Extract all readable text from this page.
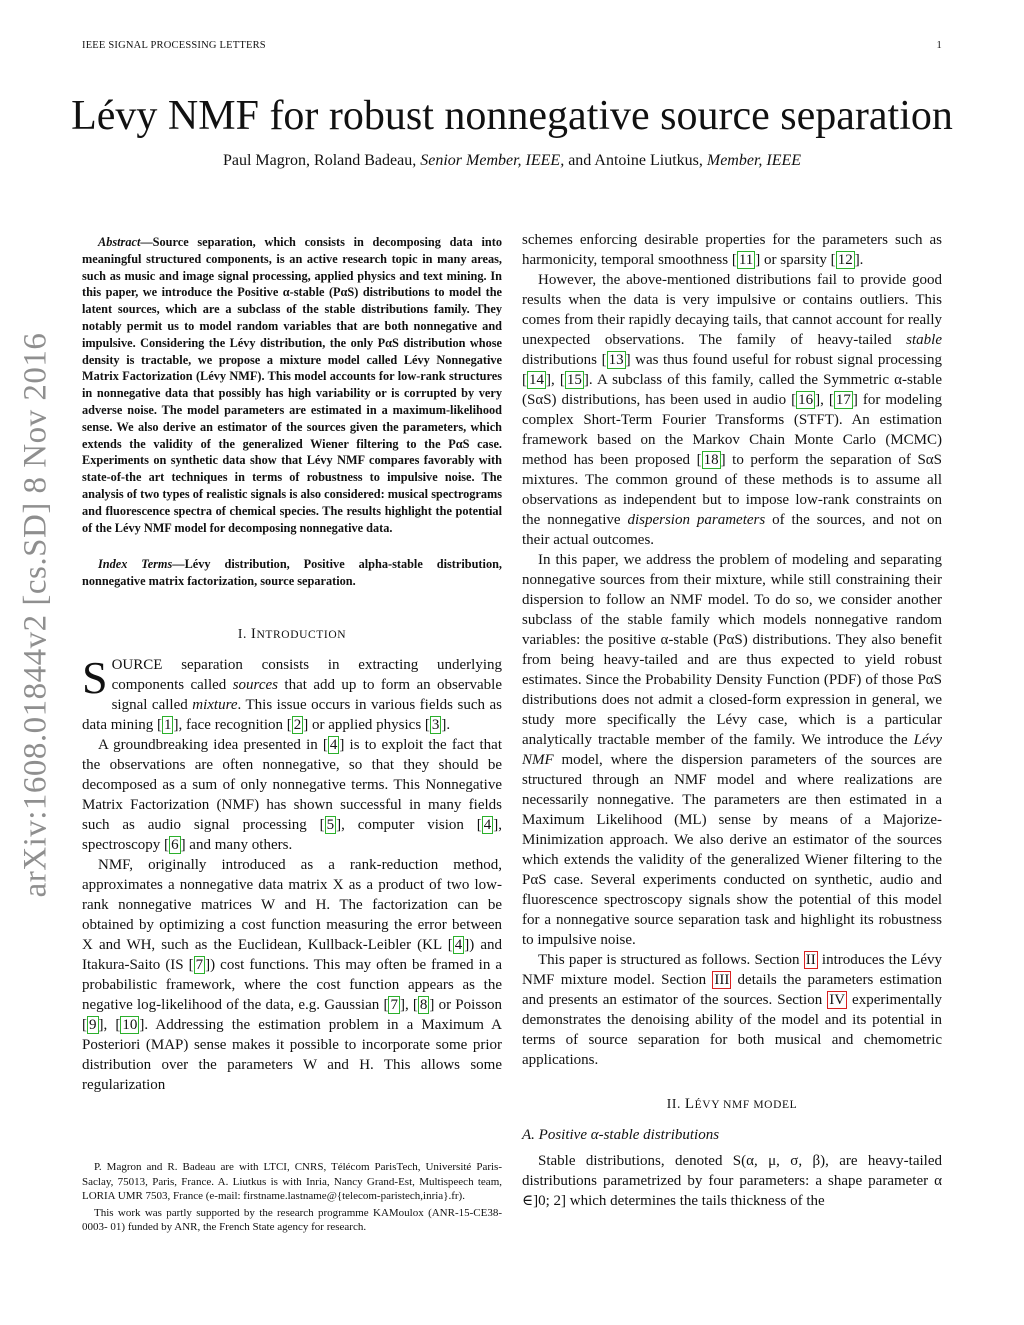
IEEE SIGNAL PROCESSING LETTERS	1
Lévy NMF for robust nonnegative source separation
Paul Magron, Roland Badeau, Senior Member, IEEE, and Antoine Liutkus, Member, IEEE
arXiv:1608.01844v2 [cs.SD] 8 Nov 2016

Abstract—Source separation, which consists in decomposing data into meaningful structured components, is an active research topic in many areas, such as music and image signal processing, applied physics and text mining. In this paper, we introduce the Positive α-stable (PαS) distributions to model the latent sources, which are a subclass of the stable distributions family. They notably permit us to model random variables that are both nonnegative and impulsive. Considering the Lévy distribution, the only PαS distribution whose density is tractable, we propose a mixture model called Lévy Nonnegative Matrix Factorization (Lévy NMF). This model accounts for low-rank structures in nonnegative data that possibly has high variability or is corrupted by very adverse noise. The model parameters are estimated in a maximum-likelihood sense. We also derive an estimator of the sources given the parameters, which extends the validity of the generalized Wiener filtering to the PαS case. Experiments on synthetic data show that Lévy NMF compares favorably with state-of-the art techniques in terms of robustness to impulsive noise. The analysis of two types of realistic signals is also considered: musical spectrograms and fluorescence spectra of chemical species. The results highlight the potential of the Lévy NMF model for decomposing nonnegative data.

Index Terms—Lévy distribution, Positive alpha-stable distribution, nonnegative matrix factorization, source separation.

I. INTRODUCTION

SOURCE separation consists in extracting underlying components called sources that add up to form an observable signal called mixture. This issue occurs in various fields such as data mining [ 1 ], face recognition [ 2 ] or applied physics [ 3 ].

A groundbreaking idea presented in [ 4 ] is to exploit the fact that the observations are often nonnegative, so that they should be decomposed as a sum of only nonnegative terms. This Nonnegative Matrix Factorization (NMF) has shown successful in many fields such as audio signal processing [ 5 ], computer vision [ 4 ], spectroscopy [ 6 ] and many others.

NMF, originally introduced as a rank-reduction method, approximates a nonnegative data matrix X as a product of two low-rank nonnegative matrices W and H. The factorization can be obtained by optimizing a cost function measuring the error between X and WH, such as the Euclidean, Kullback-Leibler (KL [ 4 ]) and Itakura-Saito (IS [ 7 ]) cost functions. This may often be framed in a probabilistic framework, where the cost function appears as the negative log-likelihood of the data, e.g. Gaussian [ 7 ], [ 8 ] or Poisson [ 9 ], [ 10 ]. Addressing the estimation problem in a Maximum A Posteriori (MAP) sense makes it possible to incorporate some prior distribution over the parameters W and H. This allows some regularization

P. Magron and R. Badeau are with LTCI, CNRS, Télécom ParisTech, Université Paris-Saclay, 75013, Paris, France. A. Liutkus is with Inria, Nancy Grand-Est, Multispeech team, LORIA UMR 7503, France (e-mail: firstname.lastname@{telecom-paristech,inria}.fr).

This work was partly supported by the research programme KAMoulox (ANR-15-CE38-0003- 01) funded by ANR, the French State agency for research.

schemes enforcing desirable properties for the parameters such as harmonicity, temporal smoothness [ 11 ] or sparsity [ 12 ].

However, the above-mentioned distributions fail to provide good results when the data is very impulsive or contains outliers. This comes from their rapidly decaying tails, that cannot account for really unexpected observations. The family of heavy-tailed stable distributions [ 13 ] was thus found useful for robust signal processing [ 14 ], [ 15 ]. A subclass of this family, called the Symmetric α-stable (SαS) distributions, has been used in audio [ 16 ], [ 17 ] for modeling complex Short-Term Fourier Transforms (STFT). An estimation framework based on the Markov Chain Monte Carlo (MCMC) method has been proposed [ 18 ] to perform the separation of SαS mixtures. The common ground of these methods is to assume all observations as independent but to impose low-rank constraints on the nonnegative dispersion parameters of the sources, and not on their actual outcomes.

In this paper, we address the problem of modeling and separating nonnegative sources from their mixture, while still constraining their dispersion to follow an NMF model. To do so, we consider another subclass of the stable family which models nonnegative random variables: the positive α-stable (PαS) distributions. They also benefit from being heavy-tailed and are thus expected to yield robust estimates. Since the Probability Density Function (PDF) of those PαS distributions does not admit a closed-form expression in general, we study more specifically the Lévy case, which is a particular analytically tractable member of the family. We introduce the Lévy NMF model, where the dispersion parameters of the sources are structured through an NMF model and where realizations are necessarily nonnegative. The parameters are then estimated in a Maximum Likelihood (ML) sense by means of a Majorize-Minimization approach. We also derive an estimator of the sources which extends the validity of the generalized Wiener filtering to the PαS case. Several experiments conducted on synthetic, audio and fluorescence spectroscopy signals show the potential of this model for a nonnegative source separation task and highlight its robustness to impulsive noise.

This paper is structured as follows. Section II introduces the Lévy NMF mixture model. Section III details the parameters estimation and presents an estimator of the sources. Section IV experimentally demonstrates the denoising ability of the model and its potential in terms of source separation for both musical and chemometric applications.

II. LÉVY NMF MODEL
A. Positive α-stable distributions

Stable distributions, denoted S(α, μ, σ, β), are heavy-tailed distributions parametrized by four parameters: a shape parameter α ∈]0; 2] which determines the tails thickness of the
